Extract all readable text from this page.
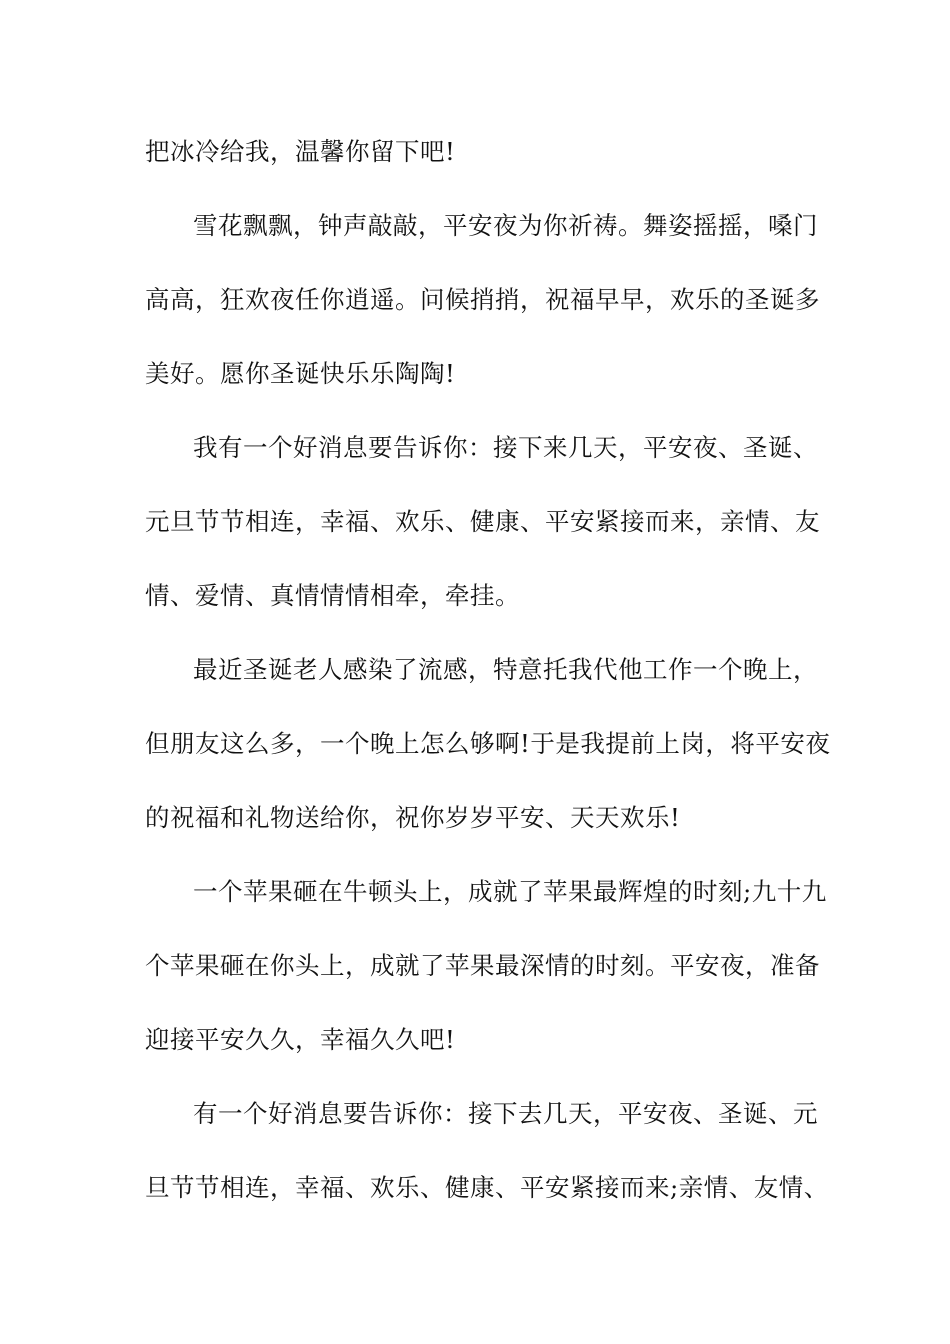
把冰冷给我，温馨你留下吧!
雪花飘飘，钟声敲敲，平安夜为你祈祷。舞姿摇摇，嗓门
高高，狂欢夜任你逍遥。问候捎捎，祝福早早，欢乐的圣诞多
美好。愿你圣诞快乐乐陶陶!
我有一个好消息要告诉你：接下来几天，平安夜、圣诞、
元旦节节相连，幸福、欢乐、健康、平安紧接而来，亲情、友
情、爱情、真情情情相牵，牵挂。
最近圣诞老人感染了流感，特意托我代他工作一个晚上，
但朋友这么多，一个晚上怎么够啊!于是我提前上岗，将平安夜
的祝福和礼物送给你，祝你岁岁平安、天天欢乐!
一个苹果砸在牛顿头上，成就了苹果最辉煌的时刻;九十九
个苹果砸在你头上，成就了苹果最深情的时刻。平安夜，准备
迎接平安久久，幸福久久吧!
有一个好消息要告诉你：接下去几天，平安夜、圣诞、元
旦节节相连，幸福、欢乐、健康、平安紧接而来;亲情、友情、
